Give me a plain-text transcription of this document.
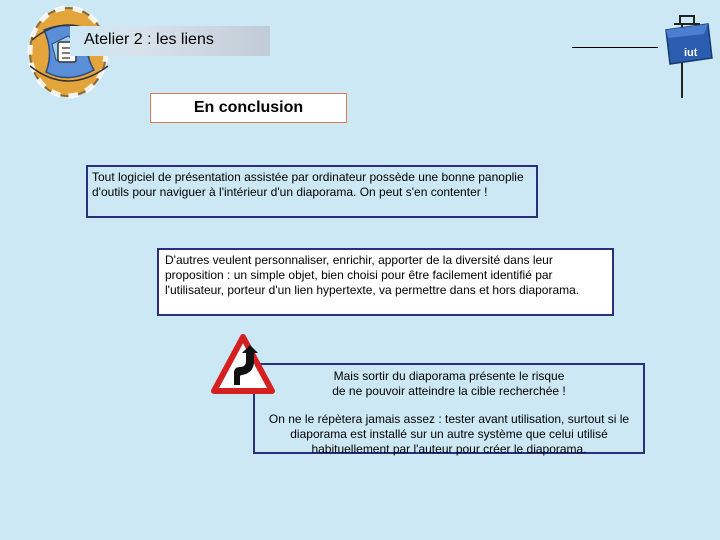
Atelier 2 : les liens
iut
En conclusion
Tout logiciel de présentation assistée par ordinateur possède une bonne panoplie d'outils pour naviguer à l'intérieur d'un diaporama. On peut s'en contenter !
D'autres veulent personnaliser, enrichir, apporter de la diversité dans leur proposition : un simple objet, bien choisi pour être facilement identifié par l'utilisateur, porteur d'un lien hypertexte, va permettre dans et hors diaporama.

Mais sortir du diaporama présente le risque

de ne pouvoir atteindre la cible recherchée !

On ne le répètera jamais assez : tester avant utilisation, surtout si le diaporama est installé sur un autre système que celui utilisé habituellement par l'auteur pour créer le diaporama.
